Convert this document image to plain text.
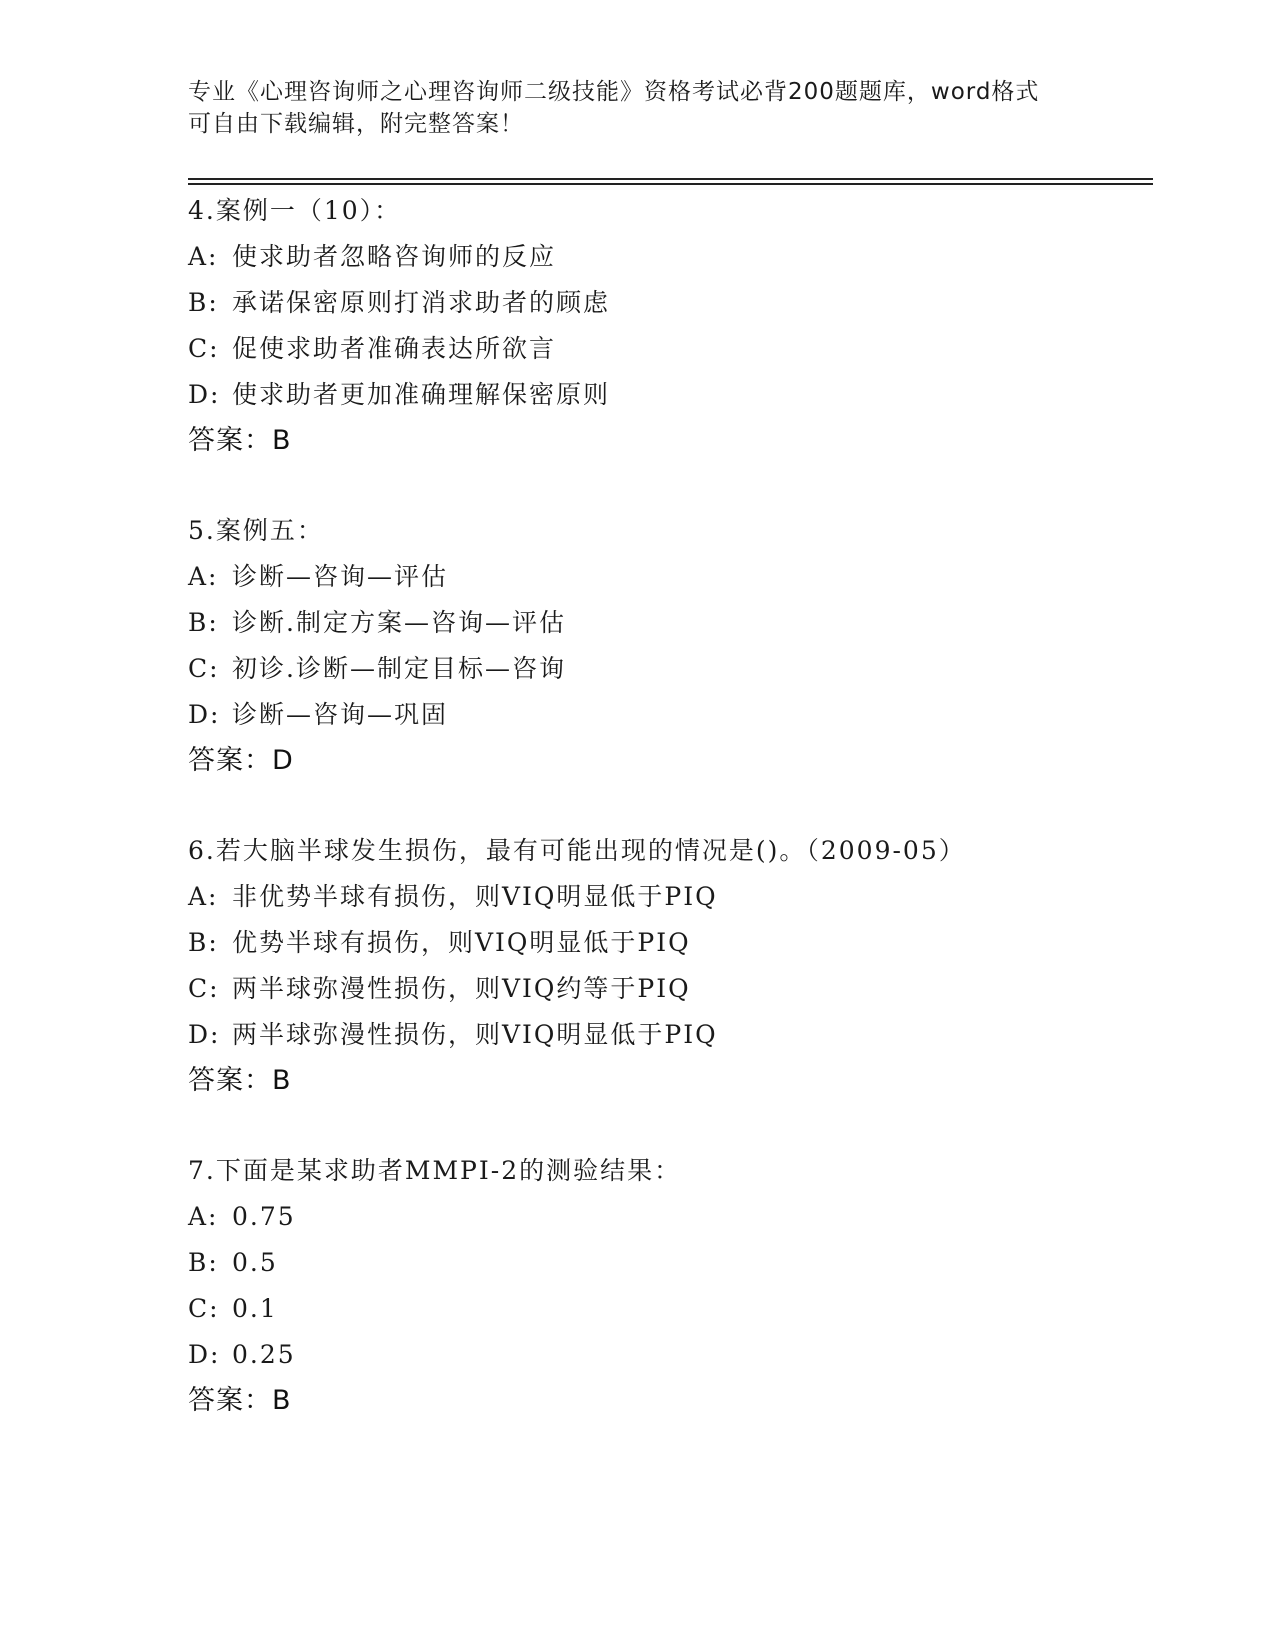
专业《心理咨询师之心理咨询师二级技能》资格考试必背200题题库，word格式
可自由下载编辑，附完整答案！
4.案例一（10）：
A: 使求助者忽略咨询师的反应
B: 承诺保密原则打消求助者的顾虑
C: 促使求助者准确表达所欲言
D: 使求助者更加准确理解保密原则
答案：B
5.案例五：
A: 诊断—咨询—评估
B: 诊断.制定方案—咨询—评估
C: 初诊.诊断—制定目标—咨询
D: 诊断—咨询—巩固
答案：D
6.若大脑半球发生损伤，最有可能出现的情况是()。（2009-05）
A: 非优势半球有损伤，则VIQ明显低于PIQ
B: 优势半球有损伤，则VIQ明显低于PIQ
C: 两半球弥漫性损伤，则VIQ约等于PIQ
D: 两半球弥漫性损伤，则VIQ明显低于PIQ
答案：B
7.下面是某求助者MMPI-2的测验结果：
A: 0.75
B: 0.5
C: 0.1
D: 0.25
答案：B
